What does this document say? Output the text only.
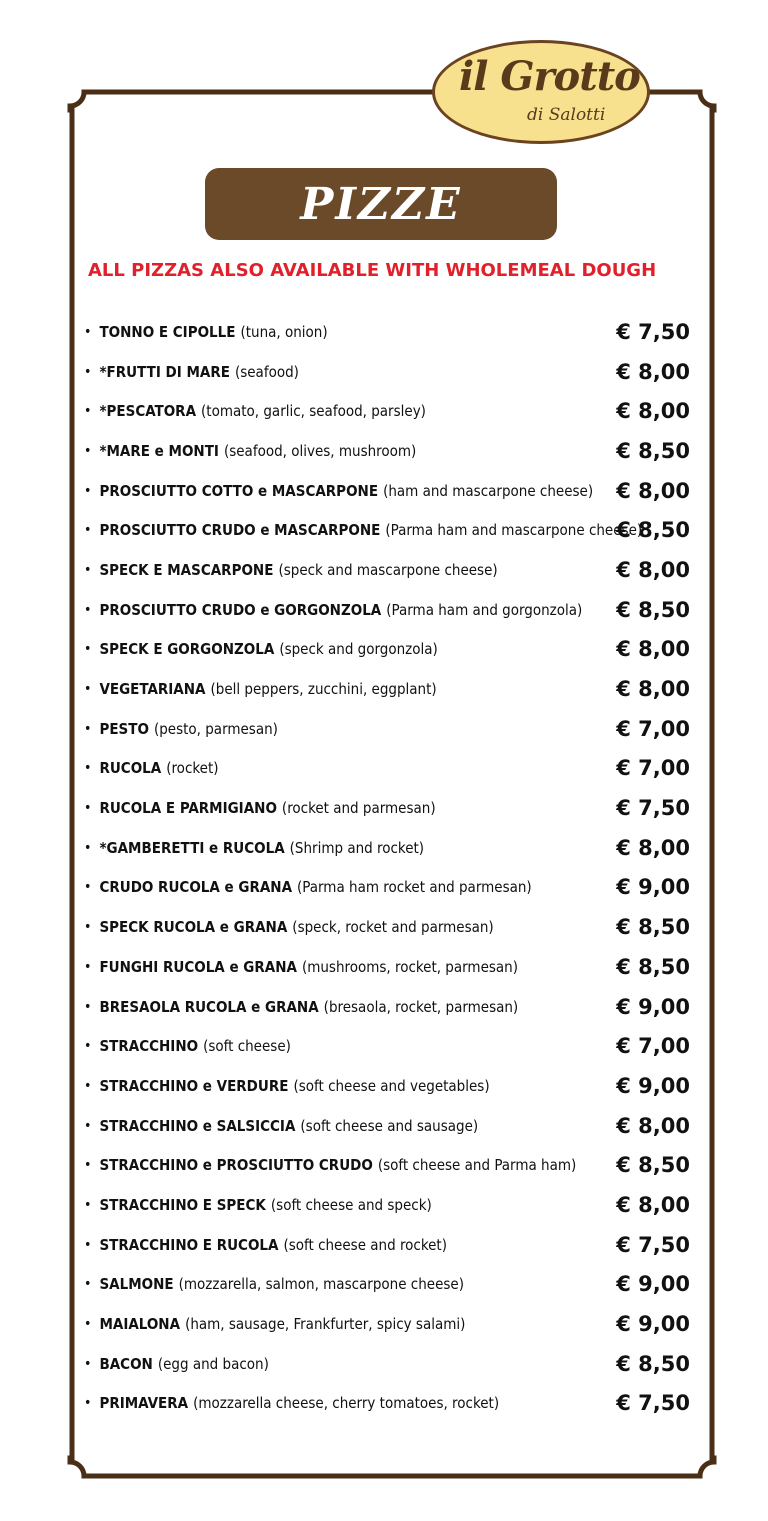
il Grotto
di Salotti
PIZZE
ALL PIZZAS ALSO AVAILABLE WITH WHOLEMEAL DOUGH
• TONNO E CIPOLLE (tuna, onion)	€ 7,50
• *FRUTTI DI MARE (seafood)	€ 8,00
• *PESCATORA (tomato, garlic, seafood, parsley)	€ 8,00
• *MARE e MONTI (seafood, olives, mushroom)	€ 8,50
• PROSCIUTTO COTTO e MASCARPONE (ham and mascarpone cheese) € 8,00
• PROSCIUTTO CRUDO e MASCARPONE (Parma ham and mascarpone cheese)
€ 8,50
• SPECK E MASCARPONE (speck and mascarpone cheese)	€ 8,00
• PROSCIUTTO CRUDO e GORGONZOLA (Parma ham and gorgonzola) € 8,50
• SPECK E GORGONZOLA (speck and gorgonzola)	€ 8,00
• VEGETARIANA (bell peppers, zucchini, eggplant)	€ 8,00
• PESTO (pesto, parmesan)	€ 7,00
• RUCOLA (rocket)	€ 7,00
• RUCOLA E PARMIGIANO (rocket and parmesan)	€ 7,50
• *GAMBERETTI e RUCOLA (Shrimp and rocket)	€ 8,00
• CRUDO RUCOLA e GRANA (Parma ham rocket and parmesan)	€ 9,00
• SPECK RUCOLA e GRANA (speck, rocket and parmesan)	€ 8,50
• FUNGHI RUCOLA e GRANA (mushrooms, rocket, parmesan)	€ 8,50
• BRESAOLA RUCOLA e GRANA (bresaola, rocket, parmesan)	€ 9,00
• STRACCHINO (soft cheese)	€ 7,00
• STRACCHINO e VERDURE (soft cheese and vegetables)	€ 9,00
• STRACCHINO e SALSICCIA (soft cheese and sausage)	€ 8,00
• STRACCHINO e PROSCIUTTO CRUDO (soft cheese and Parma ham) € 8,50
• STRACCHINO E SPECK (soft cheese and speck)	€ 8,00
• STRACCHINO E RUCOLA (soft cheese and rocket)	€ 7,50
• SALMONE (mozzarella, salmon, mascarpone cheese)	€ 9,00
• MAIALONA (ham, sausage, Frankfurter, spicy salami)	€ 9,00
• BACON (egg and bacon)	€ 8,50
• PRIMAVERA (mozzarella cheese, cherry tomatoes, rocket)	€ 7,50
